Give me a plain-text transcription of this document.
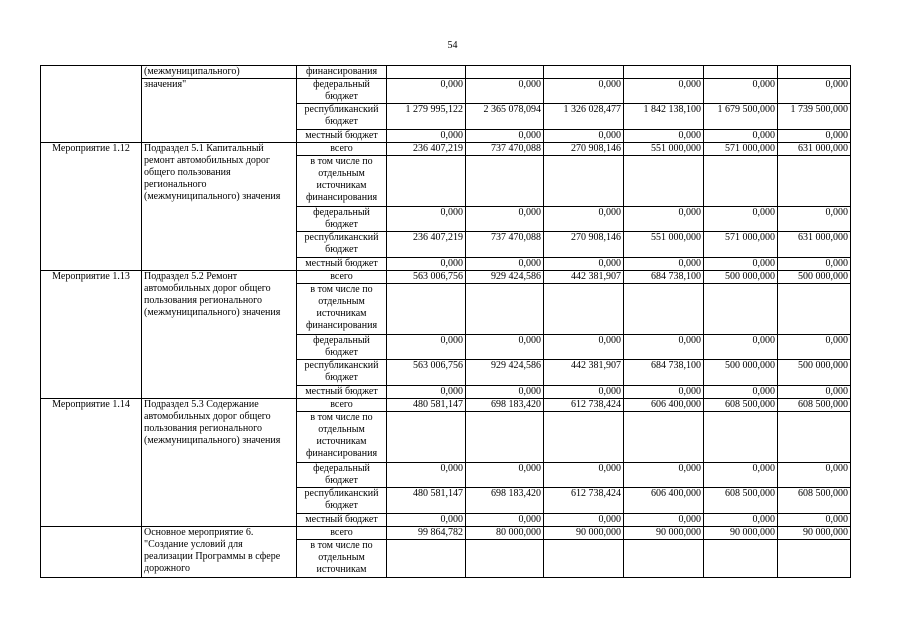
54
	(межмуниципального)	финансирования						
	значения"	федеральный бюджет	0,000	0,000	0,000	0,000	0,000	0,000
		республиканский бюджет	1 279 995,122	2 365 078,094	1 326 028,477	1 842 138,100	1 679 500,000	1 739 500,000
		местный бюджет	0,000	0,000	0,000	0,000	0,000	0,000
Мероприятие 1.12	Подраздел 5.1 Капитальный ремонт автомобильных дорог общего пользования регионального (межмуниципального) значения	всего	236 407,219	737 470,088	270 908,146	551 000,000	571 000,000	631 000,000
		в том числе по отдельным источникам финансирования						
		федеральный бюджет	0,000	0,000	0,000	0,000	0,000	0,000
		республиканский бюджет	236 407,219	737 470,088	270 908,146	551 000,000	571 000,000	631 000,000
		местный бюджет	0,000	0,000	0,000	0,000	0,000	0,000
Мероприятие 1.13	Подраздел 5.2 Ремонт автомобильных дорог общего пользования регионального (межмуниципального) значения	всего	563 006,756	929 424,586	442 381,907	684 738,100	500 000,000	500 000,000
		в том числе по отдельным источникам финансирования						
		федеральный бюджет	0,000	0,000	0,000	0,000	0,000	0,000
		республиканский бюджет	563 006,756	929 424,586	442 381,907	684 738,100	500 000,000	500 000,000
		местный бюджет	0,000	0,000	0,000	0,000	0,000	0,000
Мероприятие 1.14	Подраздел 5.3 Содержание автомобильных дорог общего пользования регионального (межмуниципального) значения	всего	480 581,147	698 183,420	612 738,424	606 400,000	608 500,000	608 500,000
		в том числе по отдельным источникам финансирования						
		федеральный бюджет	0,000	0,000	0,000	0,000	0,000	0,000
		республиканский бюджет	480 581,147	698 183,420	612 738,424	606 400,000	608 500,000	608 500,000
		местный бюджет	0,000	0,000	0,000	0,000	0,000	0,000
	Основное мероприятие 6. "Создание условий для реализации Программы в сфере дорожного	всего	99 864,782	80 000,000	90 000,000	90 000,000	90 000,000	90 000,000
		в том числе по отдельным источникам						
